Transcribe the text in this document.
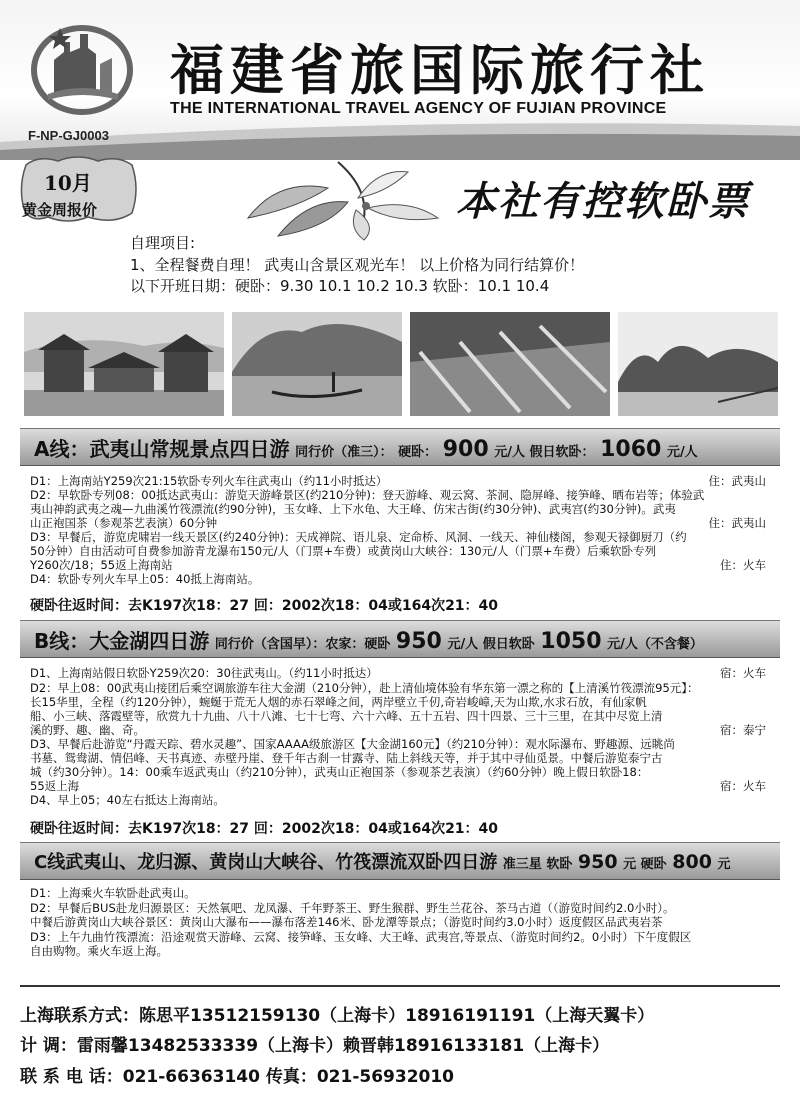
福建省旅国际旅行社
THE INTERNATIONAL TRAVEL AGENCY OF FUJIAN PROVINCE
F-NP-GJ0003
10月
黄金周报价	本社有控软卧票
自理项目:
1、全程餐费自理！ 武夷山含景区观光车！ 以上价格为同行结算价！
以下开班日期：硬卧：9.30 10.1 10.2 10.3 软卧：10.1 10.4
A线：武夷山常规景点四日游 同行价（准三）： 硬卧： 900 元/人 假日软卧： 1060 元/人
D1：上海南站Y259次21:15软卧专列火车往武夷山（约11小时抵达）	住：武夷山
D2：早软卧专列08：00抵达武夷山：游览天游峰景区(约210分钟)：登天游峰、观云窝、茶洞、隐屏峰、接笋峰、晒布岩等；体验武
夷山神韵武夷之魂—九曲溪竹筏漂流(约90分钟)，玉女峰、上下水龟、大王峰、仿宋古街(约30分钟)、武夷宫(约30分钟)。武夷
山正袍国茶（参观茶艺表演）60分钟	住：武夷山
D3：早餐后，游览虎啸岩一线天景区(约240分钟)：天成禅院、语儿泉、定命桥、风洞、一线天、神仙楼阁，参观天禄御厨刀（约
50分钟）自由活动可自费参加游青龙瀑布150元/人（门票+车费）或黄岗山大峡谷：130元/人（门票+车费）后乘软卧专列
Y260次/18；55返上海南站	住：火车
D4：软卧专列火车早上05：40抵上海南站。
硬卧往返时间：去K197次18：27 回：2002次18：04或164次21：40
B线：大金湖四日游 同行价（含国早）：农家：硬卧 950 元/人 假日软卧 1050 元/人（不含餐）
D1、上海南站假日软卧Y259次20：30往武夷山。（约11小时抵达）	宿：火车
D2：早上08：00武夷山接团后乘空调旅游车往大金湖（210分钟），赴上清仙境体验有华东第一漂之称的【上清溪竹筏漂流95元】：
长15华里，全程（约120分钟），蜿蜒于荒无人烟的赤石翠峰之间，两岸壁立千仞,奇岩峻嶂,天为山欺,水求石放，有仙家帆
船、小三峡、落霞壁等，欣赏九十九曲、八十八滩、七十七弯、六十六峰、五十五岩、四十四景、三十三里，在其中尽览上清
溪的野、趣、幽、奇。	宿：泰宁
D3、早餐后赴游览“丹霞天踪、碧水灵趣”、国家AAAA级旅游区【大金湖160元】（约210分钟）：观水际瀑布、野趣源、远眺尚
书墓、鸳鸯湖、情侣峰、天书真迹、赤壁丹崖、登千年古刹一甘露寺、陆上斜线天等，并于其中寻仙觅景。中餐后游览泰宁古
城（约30分钟）。14：00乘车返武夷山（约210分钟），武夷山正袍国茶（参观茶艺表演）（约60分钟）晚上假日软卧18：
55返上海	宿：火车
D4、早上05；40左右抵达上海南站。
硬卧往返时间：去K197次18：27 回：2002次18：04或164次21：40
C线武夷山、龙归源、黄岗山大峡谷、竹筏漂流双卧四日游 准三星 软卧 950 元 硬卧 800 元
D1：上海乘火车软卧赴武夷山。
D2：早餐后BUS赴龙归源景区：天然氧吧、龙凤瀑、千年野茶王、野生猴群、野生兰花谷、茶马古道（（游览时间约2.0小时）。
中餐后游黄岗山大峡谷景区：黄岗山大瀑布——瀑布落差146米、卧龙潭等景点；（游览时间约3.0小时）返度假区品武夷岩茶
D3：上午九曲竹筏漂流：沿途观赏天游峰、云窝、接笋峰、玉女峰、大王峰、武夷宫,等景点、（游览时间约2。0小时）下午度假区
自由购物。乘火车返上海。
上海联系方式：陈思平13512159130（上海卡）18916191191（上海天翼卡）
计 调：雷雨馨13482533339（上海卡）赖晋韩18916133181（上海卡）
联 系 电 话：021-66363140 传真：021-56932010
